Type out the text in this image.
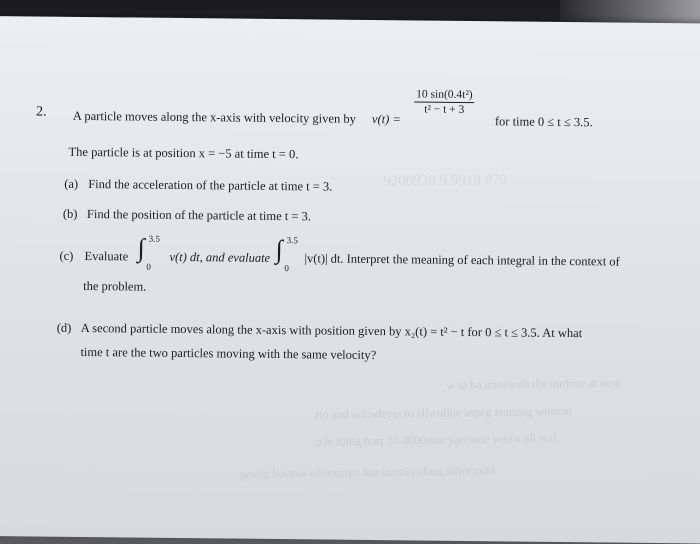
9200920 9 9918 870
w to ba transwith the nurfore at now
tto and anliwlevis to ellwolloc aspeg zonizog wolicm
o le loing horr 10 0000stoc yarcoine vetaw ell wal
gewig hostow ofilmsrqot lue inamiq olosq sifter.quid
2. A particle moves along the x-axis with velocity given by v(t) =
$\frac{\text{10 sin(0.4t²)}}{\text{t² − t + 3}}$
for time 0 ≤ t ≤ 3.5.
The particle is at position x = −5 at time t = 0.
(a) Find the acceleration of the particle at time t = 3.
(b) Find the position of the particle at time t = 3.
(c) Evaluate ∫ 3.5
0
v(t) dt, and evaluate ∫ 3.5
0 |v(t)| dt. Interpret the meaning of each integral in the context of
the problem.
(d) A second particle moves along the x-axis with position given by x₂(t) = t² − t for 0 ≤ t ≤ 3.5. At what
time t are the two particles moving with the same velocity?
